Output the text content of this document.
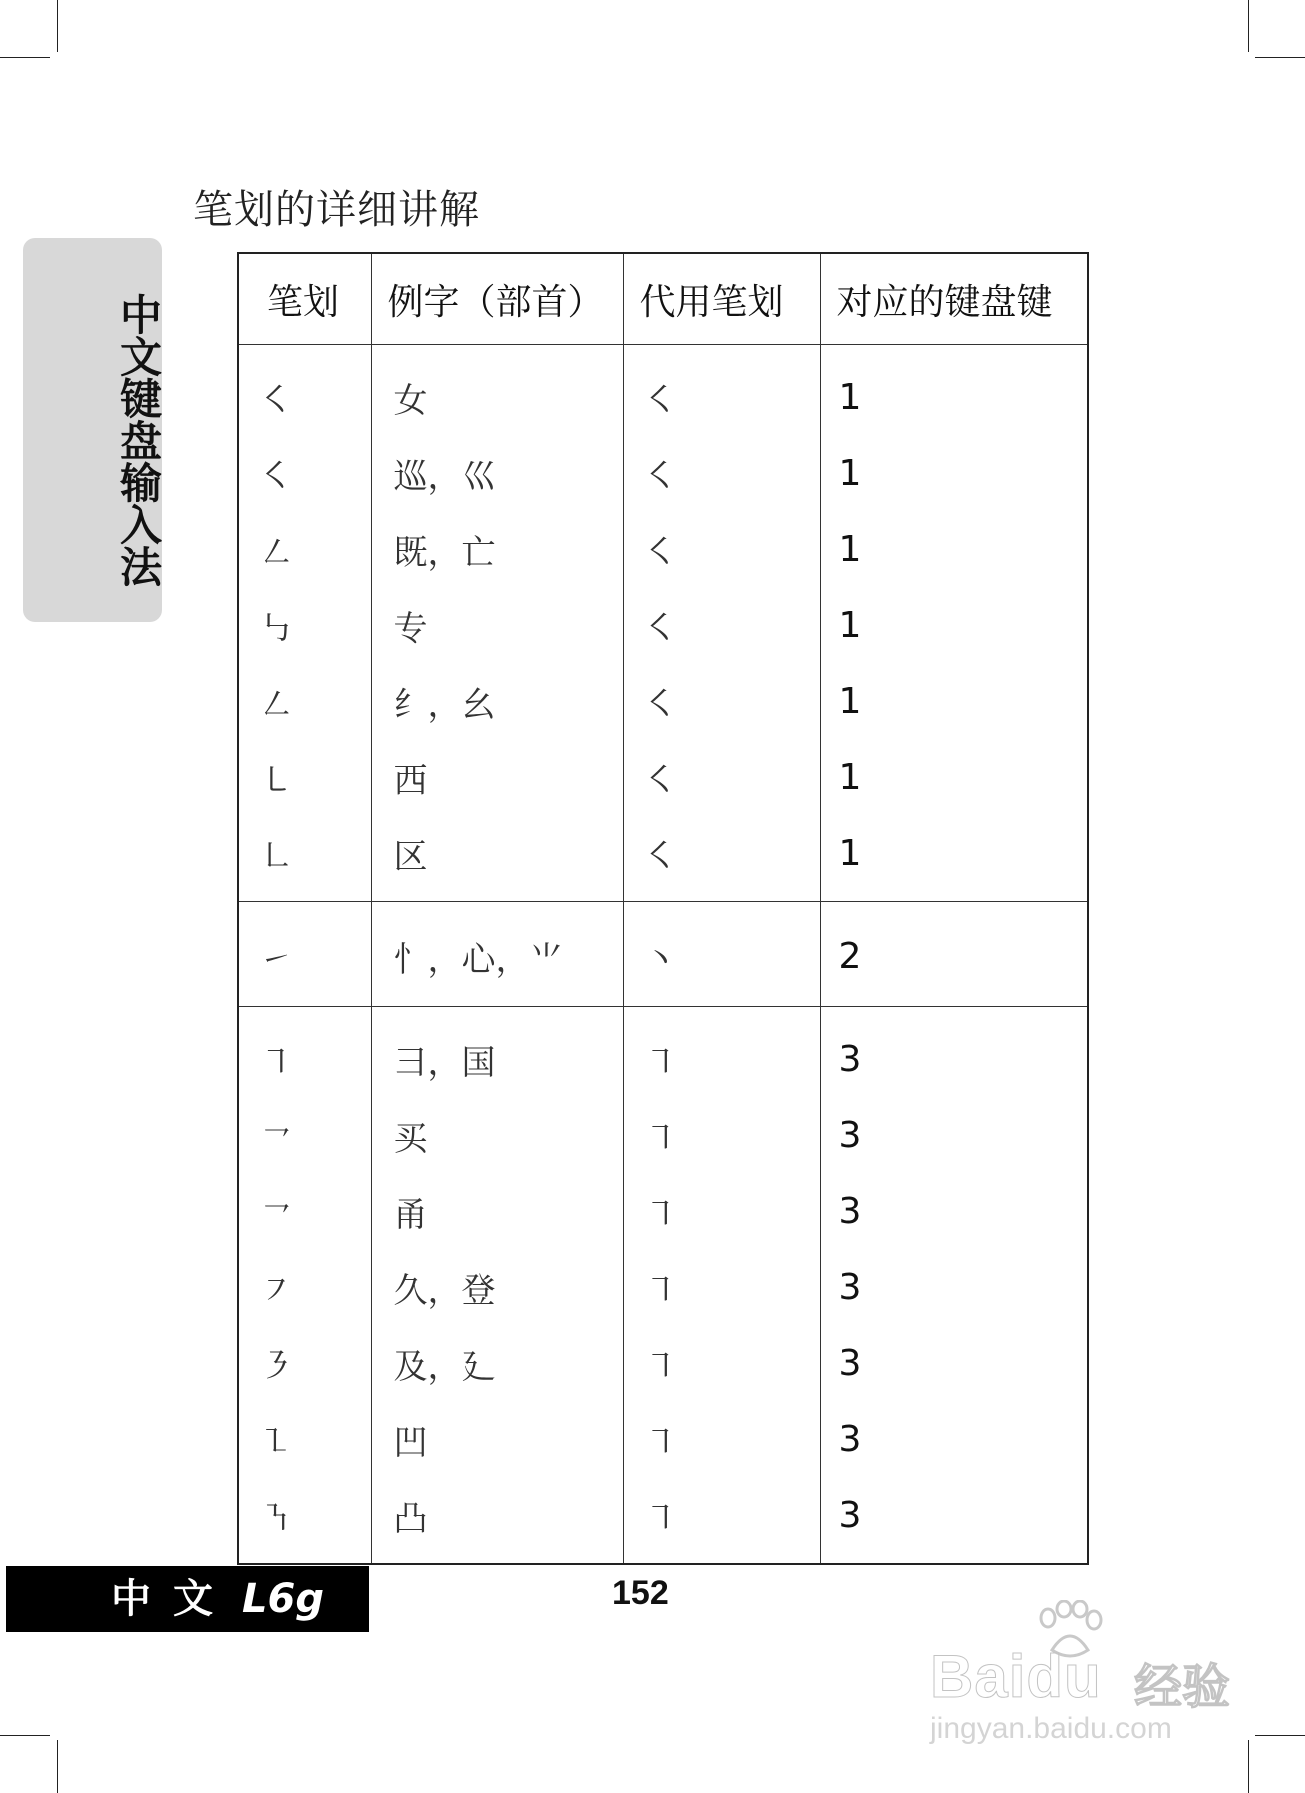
中文键盘输入法
笔划的详细讲解
笔划	例字（部首）	代用笔划	对应的键盘键
㇛	女	㇛	1
㇛	巡，巛	㇛	1
㇜	既，亡	㇛	1
㇉	专	㇛	1
㇜	纟，幺	㇛	1
㇄	西	㇛	1
㇗	区	㇛	1
㇀	忄，心，⺌	丶	2
㇕	彐，国	㇕	3
㇖	买	㇕	3
㇖	甬	㇕	3
㇇	久，登	㇕	3
㇋	及，廴	㇕	3
㇅	凹	㇕	3
㇎	凸	㇕	3
中文 L6g	152
Baidu 经验
jingyan.baidu.com
